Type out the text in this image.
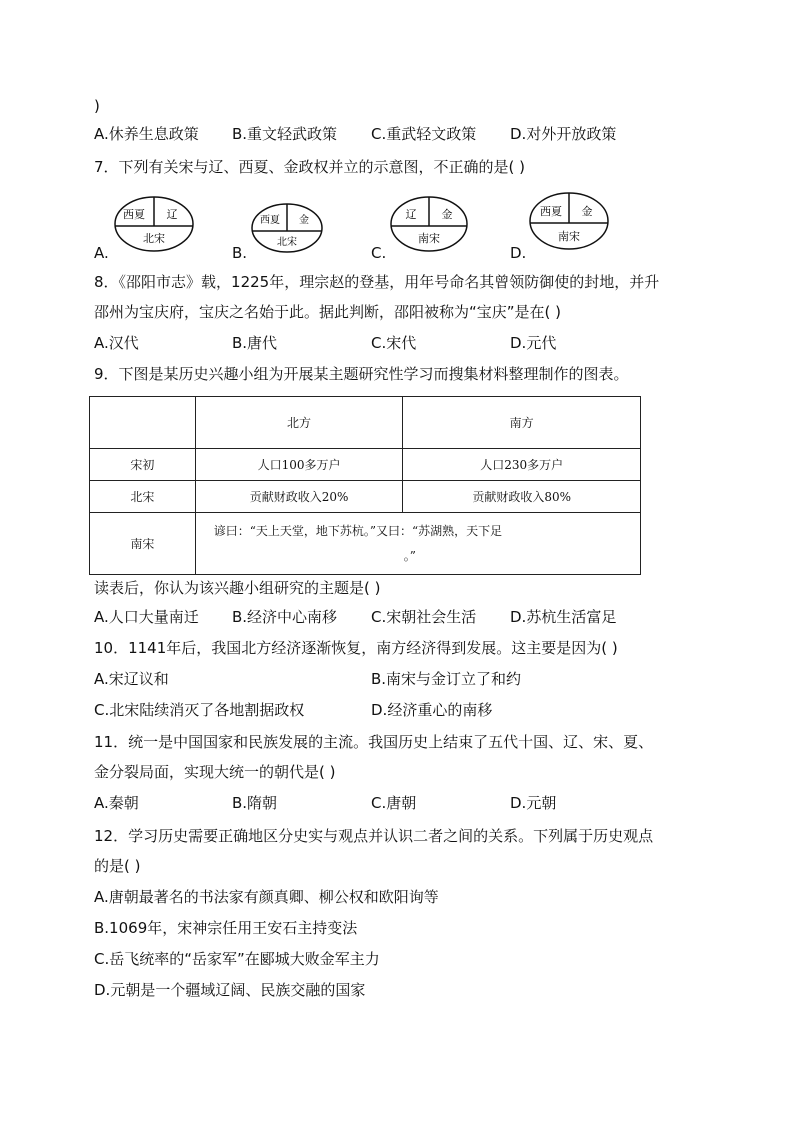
)
A.休养生息政策 B.重文轻武政策 C.重武轻文政策 D.对外开放政策
7．下列有关宋与辽、西夏、金政权并立的示意图，不正确的是( )
A.
西夏 辽
北宋
B.
西夏 金
北宋
C.
辽 金
南宋
D.
西夏 金
南宋
8．《邵阳市志》载，1225年，理宗赵的登基，用年号命名其曾领防御使的封地，并升
邵州为宝庆府，宝庆之名始于此。据此判断，邵阳被称为“宝庆”是在( )
A.汉代	B.唐代	C.宋代	D.元代
9．下图是某历史兴趣小组为开展某主题研究性学习而搜集材料整理制作的图表。
	北方	南方
宋初	人口100多万户	人口230多万户
北宋	贡献财政收入20%	贡献财政收入80%
南宋	谚曰：“天上天堂，地下苏杭。”又曰：“苏湖熟，天下足
。”	
读表后，你认为该兴趣小组研究的主题是( )
A.人口大量南迁 B.经济中心南移 C.宋朝社会生活 D.苏杭生活富足
10．1141年后，我国北方经济逐渐恢复，南方经济得到发展。这主要是因为( )
A.宋辽议和	B.南宋与金订立了和约
C.北宋陆续消灭了各地割据政权	D.经济重心的南移
11．统一是中国国家和民族发展的主流。我国历史上结束了五代十国、辽、宋、夏、
金分裂局面，实现大统一的朝代是( )
A.秦朝	B.隋朝	C.唐朝	D.元朝
12．学习历史需要正确地区分史实与观点并认识二者之间的关系。下列属于历史观点
的是( )
A.唐朝最著名的书法家有颜真卿、柳公权和欧阳询等
B.1069年，宋神宗任用王安石主持变法
C.岳飞统率的“岳家军”在郾城大败金军主力
D.元朝是一个疆域辽阔、民族交融的国家
